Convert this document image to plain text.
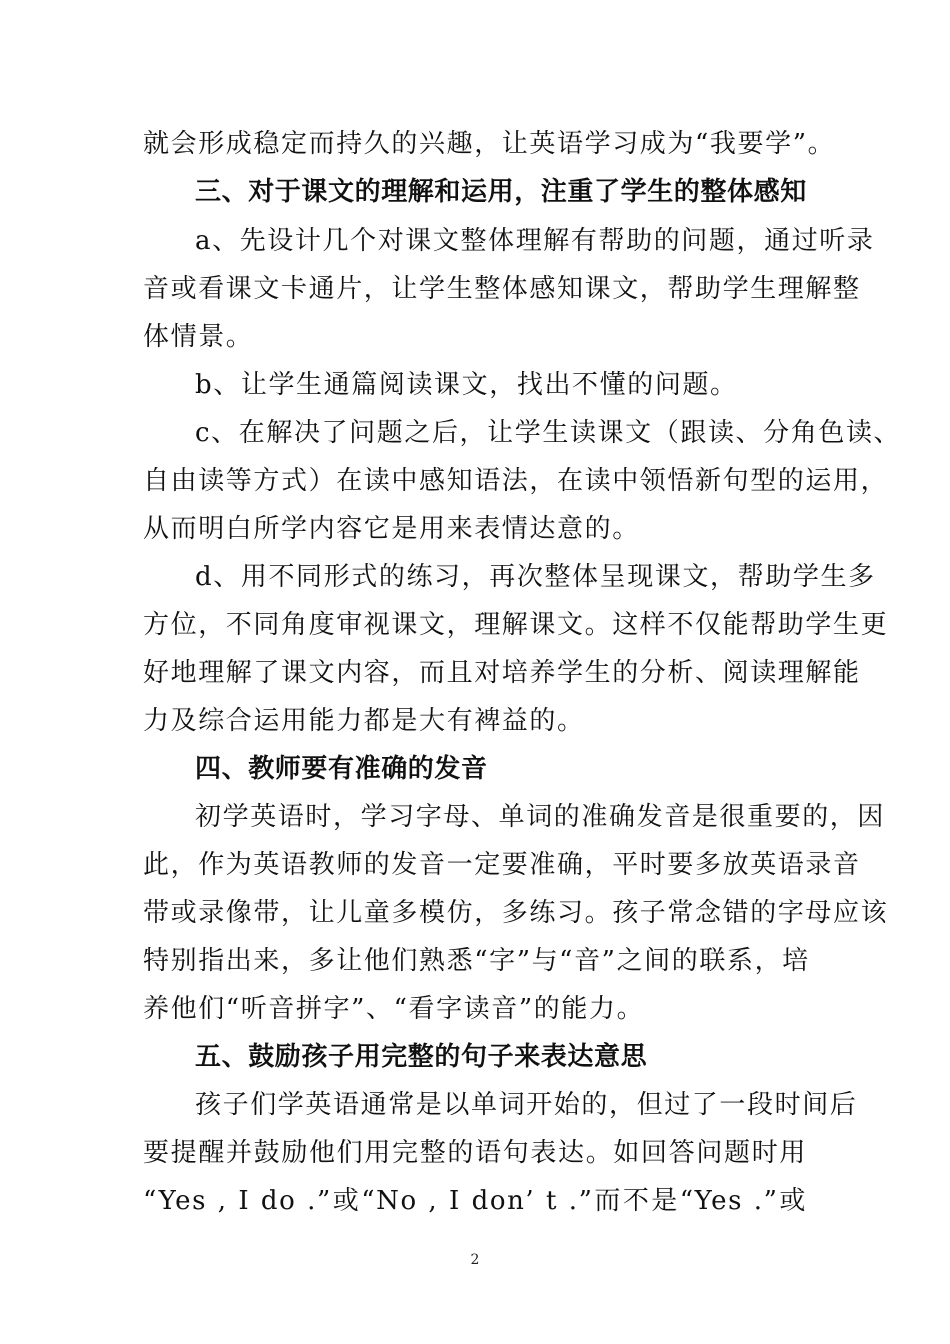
就会形成稳定而持久的兴趣，让英语学习成为“我要学”。
三、对于课文的理解和运用，注重了学生的整体感知
a、先设计几个对课文整体理解有帮助的问题，通过听录
音或看课文卡通片，让学生整体感知课文，帮助学生理解整
体情景。
b、让学生通篇阅读课文，找出不懂的问题。
c、在解决了问题之后，让学生读课文（跟读、分角色读、
自由读等方式）在读中感知语法，在读中领悟新句型的运用，
从而明白所学内容它是用来表情达意的。
d、用不同形式的练习，再次整体呈现课文，帮助学生多
方位，不同角度审视课文，理解课文。这样不仅能帮助学生更
好地理解了课文内容，而且对培养学生的分析、阅读理解能
力及综合运用能力都是大有裨益的。
四、教师要有准确的发音
初学英语时，学习字母、单词的准确发音是很重要的，因
此，作为英语教师的发音一定要准确，平时要多放英语录音
带或录像带，让儿童多模仿，多练习。孩子常念错的字母应该
特别指出来，多让他们熟悉“字”与“音”之间的联系，培
养他们“听音拼字”、“看字读音”的能力。
五、鼓励孩子用完整的句子来表达意思
孩子们学英语通常是以单词开始的，但过了一段时间后
要提醒并鼓励他们用完整的语句表达。如回答问题时用
“Yes , I do .”或“No , I don’ t .”而不是“Yes .”或
2
